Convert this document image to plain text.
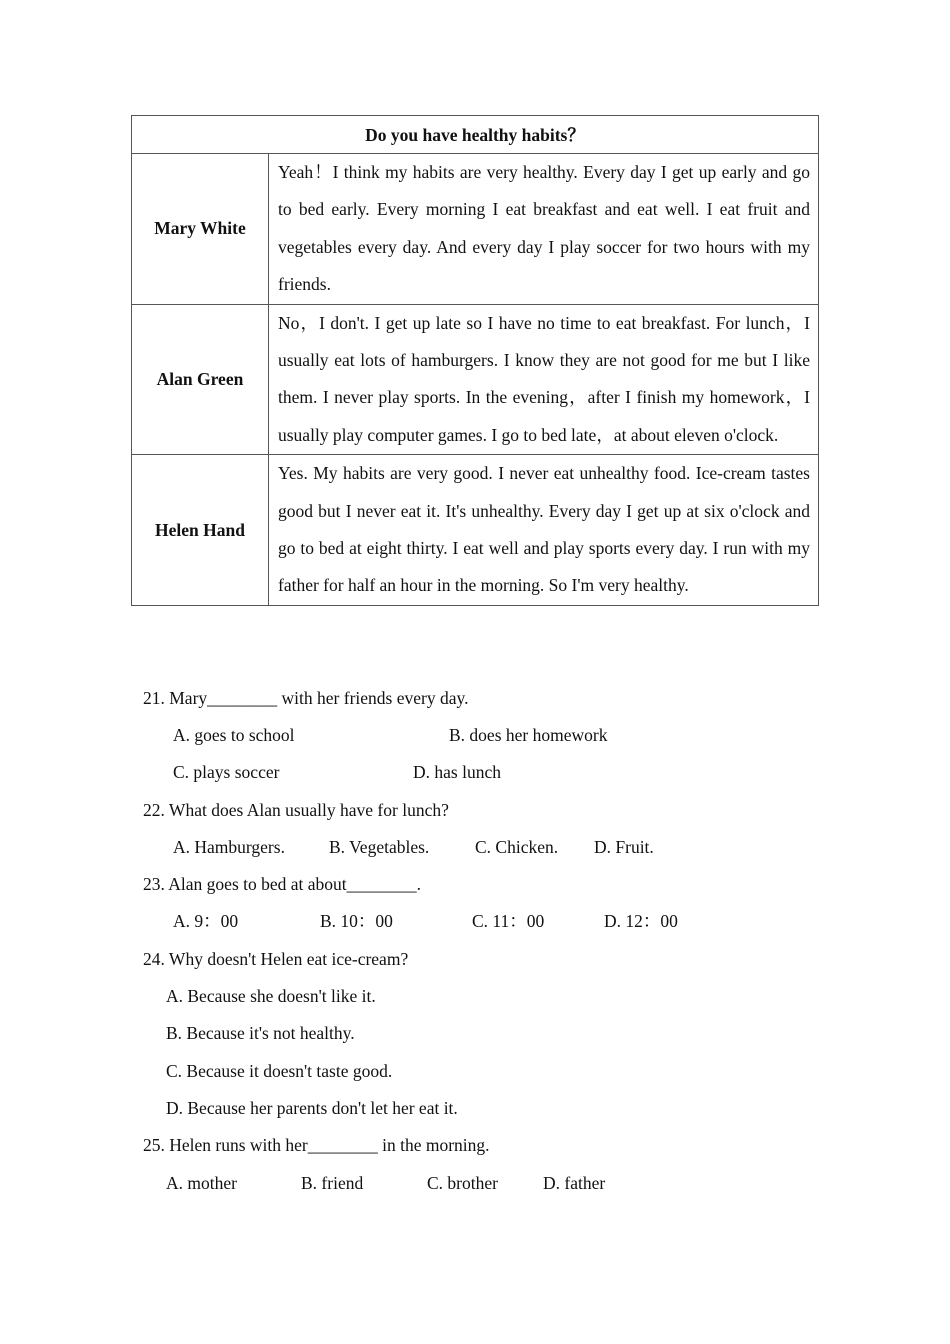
Do you have healthy habits？	
Mary White	Yeah！I think my habits are very healthy. Every day I get up early and go to bed early. Every morning I eat breakfast and eat well. I eat fruit and vegetables every day. And every day I play soccer for two hours with my friends.
Alan Green	No，I don't. I get up late so I have no time to eat breakfast. For lunch，I usually eat lots of hamburgers. I know they are not good for me but I like them. I never play sports. In the evening，after I finish my homework，I usually play computer games. I go to bed late，at about eleven o'clock.
Helen Hand	Yes. My habits are very good. I never eat unhealthy food. Ice-cream tastes good but I never eat it. It's unhealthy. Every day I get up at six o'clock and go to bed at eight thirty. I eat well and play sports every day. I run with my father for half an hour in the morning. So I'm very healthy.
21. Mary________ with her friends every day.
A. goes to school	B. does her homework
C. plays soccer	D. has lunch
22. What does Alan usually have for lunch?
A. Hamburgers.	B. Vegetables.	C. Chicken. D. Fruit.
23. Alan goes to bed at about________.
A. 9：00	B. 10：00	C. 11：00	D. 12：00
24. Why doesn't Helen eat ice-cream?
A. Because she doesn't like it.
B. Because it's not healthy.
C. Because it doesn't taste good.
D. Because her parents don't let her eat it.
25. Helen runs with her________ in the morning.
A. mother	B. friend	C. brother	D. father
